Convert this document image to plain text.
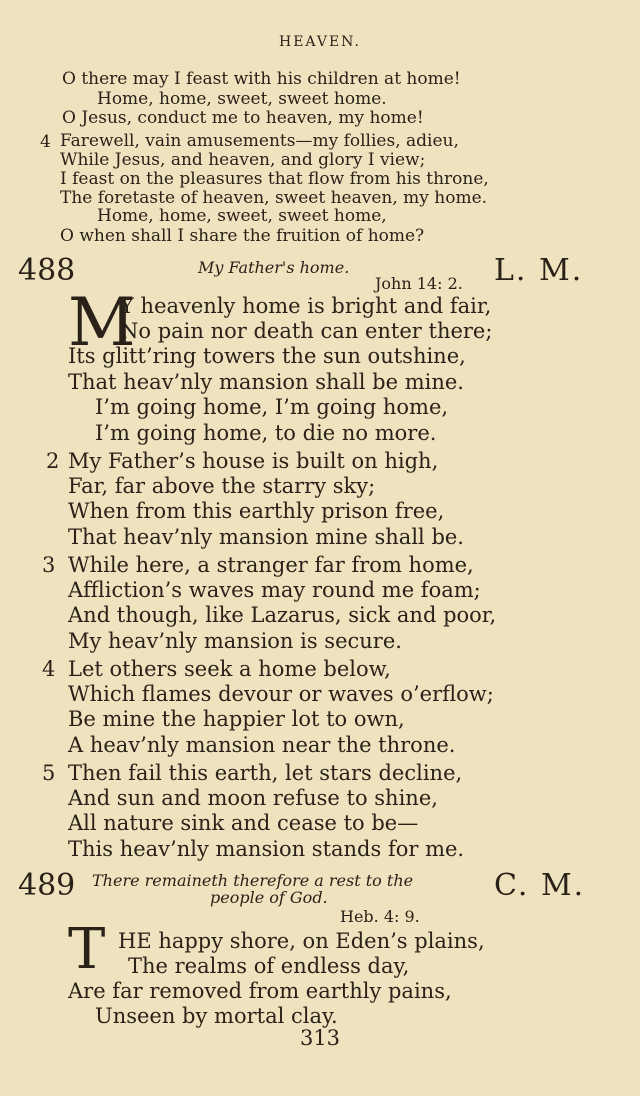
HEAVEN.
O there may I feast with his children at home!
Home, home, sweet, sweet home.
O Jesus, conduct me to heaven, my home!
4 Farewell, vain amusements—my follies, adieu,
While Jesus, and heaven, and glory I view;
I feast on the pleasures that flow from his throne,
The foretaste of heaven, sweet heaven, my home.
Home, home, sweet, sweet home,
O when shall I share the fruition of home?
488	My Father's home.
John 14: 2. L. M.
M
Y heavenly home is bright and fair,
No pain nor death can enter there;
Its glitt’ring towers the sun outshine,
That heav’nly mansion shall be mine.
I’m going home, I’m going home,
I’m going home, to die no more.
2 My Father’s house is built on high,
Far, far above the starry sky;
When from this earthly prison free,
That heav’nly mansion mine shall be.
3 While here, a stranger far from home,
Affliction’s waves may round me foam;
And though, like Lazarus, sick and poor,
My heav’nly mansion is secure.
4 Let others seek a home below,
Which flames devour or waves o’erflow;
Be mine the happier lot to own,
A heav’nly mansion near the throne.
5 Then fail this earth, let stars decline,
And sun and moon refuse to shine,
All nature sink and cease to be—
This heav’nly mansion stands for me.
489 There remaineth therefore a rest to the
people of God.	C. M.
Heb. 4: 9.
T HE happy shore, on Eden’s plains,
The realms of endless day,
Are far removed from earthly pains,
Unseen by mortal clay.
313
